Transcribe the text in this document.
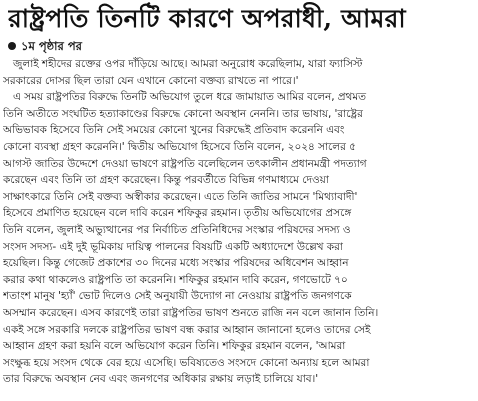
রাষ্ট্রপতি তিনটি কারণে অপরাধী, আমরা
১ম পৃষ্ঠার পর
জুলাই শহীদের রক্তের ওপর দাঁড়িয়ে আছে। আমরা অনুরোধ করেছিলাম, যারা ফ্যাসিস্ট
সরকারের দোসর ছিল তারা যেন এখানে কোনো বক্তব্য রাখতে না পারে।'
এ সময় রাষ্ট্রপতির বিরুদ্ধে তিনটি অভিযোগ তুলে ধরে জামায়াত আমির বলেন, প্রথমত
তিনি অতীতে সংঘটিত হত্যাকাণ্ডের বিরুদ্ধে কোনো অবস্থান নেননি। তার ভাষায়, 'রাষ্ট্রের
অভিভাবক হিসেবে তিনি সেই সময়ের কোনো খুনের বিরুদ্ধেই প্রতিবাদ করেননি এবং
কোনো ব্যবস্থা গ্রহণ করেননি।' দ্বিতীয় অভিযোগ হিসেবে তিনি বলেন, ২০২৪ সালের ৫
আগস্ট জাতির উদ্দেশে দেওয়া ভাষণে রাষ্ট্রপতি বলেছিলেন তৎকালীন প্রধানমন্ত্রী পদত্যাগ
করেছেন এবং তিনি তা গ্রহণ করেছেন। কিন্তু পরবর্তীতে বিভিন্ন গণমাধ্যমে দেওয়া
সাক্ষাৎকারে তিনি সেই বক্তব্য অস্বীকার করেছেন। এতে তিনি জাতির সামনে 'মিথ্যাবাদী'
হিসেবে প্রমাণিত হয়েছেন বলে দাবি করেন শফিকুর রহমান। তৃতীয় অভিযোগের প্রসঙ্গে
তিনি বলেন, জুলাই অভ্যুত্থানের পর নির্বাচিত প্রতিনিধিদের সংস্কার পরিষদের সদস্য ও
সংসদ সদস্য- এই দুই ভূমিকায় দায়িত্ব পালনের বিষয়টি একটি অধ্যাদেশে উল্লেখ করা
হয়েছিল। কিন্তু গেজেট প্রকাশের ৩০ দিনের মধ্যে সংস্কার পরিষদের অধিবেশন আহ্বান
করার কথা থাকলেও রাষ্ট্রপতি তা করেননি। শফিকুর রহমান দাবি করেন, গণভোটে ৭০
শতাংশ মানুষ 'হ্যাঁ' ভোট দিলেও সেই অনুযায়ী উদ্যোগ না নেওয়ায় রাষ্ট্রপতি জনগণকে
অসম্মান করেছেন। এসব কারণেই তারা রাষ্ট্রপতির ভাষণ শুনতে রাজি নন বলে জানান তিনি।
একই সঙ্গে সরকারি দলকে রাষ্ট্রপতির ভাষণ বন্ধ করার আহ্বান জানানো হলেও তাদের সেই
আহ্বান গ্রহণ করা হয়নি বলে অভিযোগ করেন তিনি। শফিকুর রহমান বলেন, 'আমরা
সংক্ষুব্ধ হয়ে সংসদ থেকে বের হয়ে এসেছি। ভবিষ্যতেও সংসদে কোনো অন্যায় হলে আমরা
তার বিরুদ্ধে অবস্থান নেব এবং জনগণের অধিকার রক্ষায় লড়াই চালিয়ে যাব।'
